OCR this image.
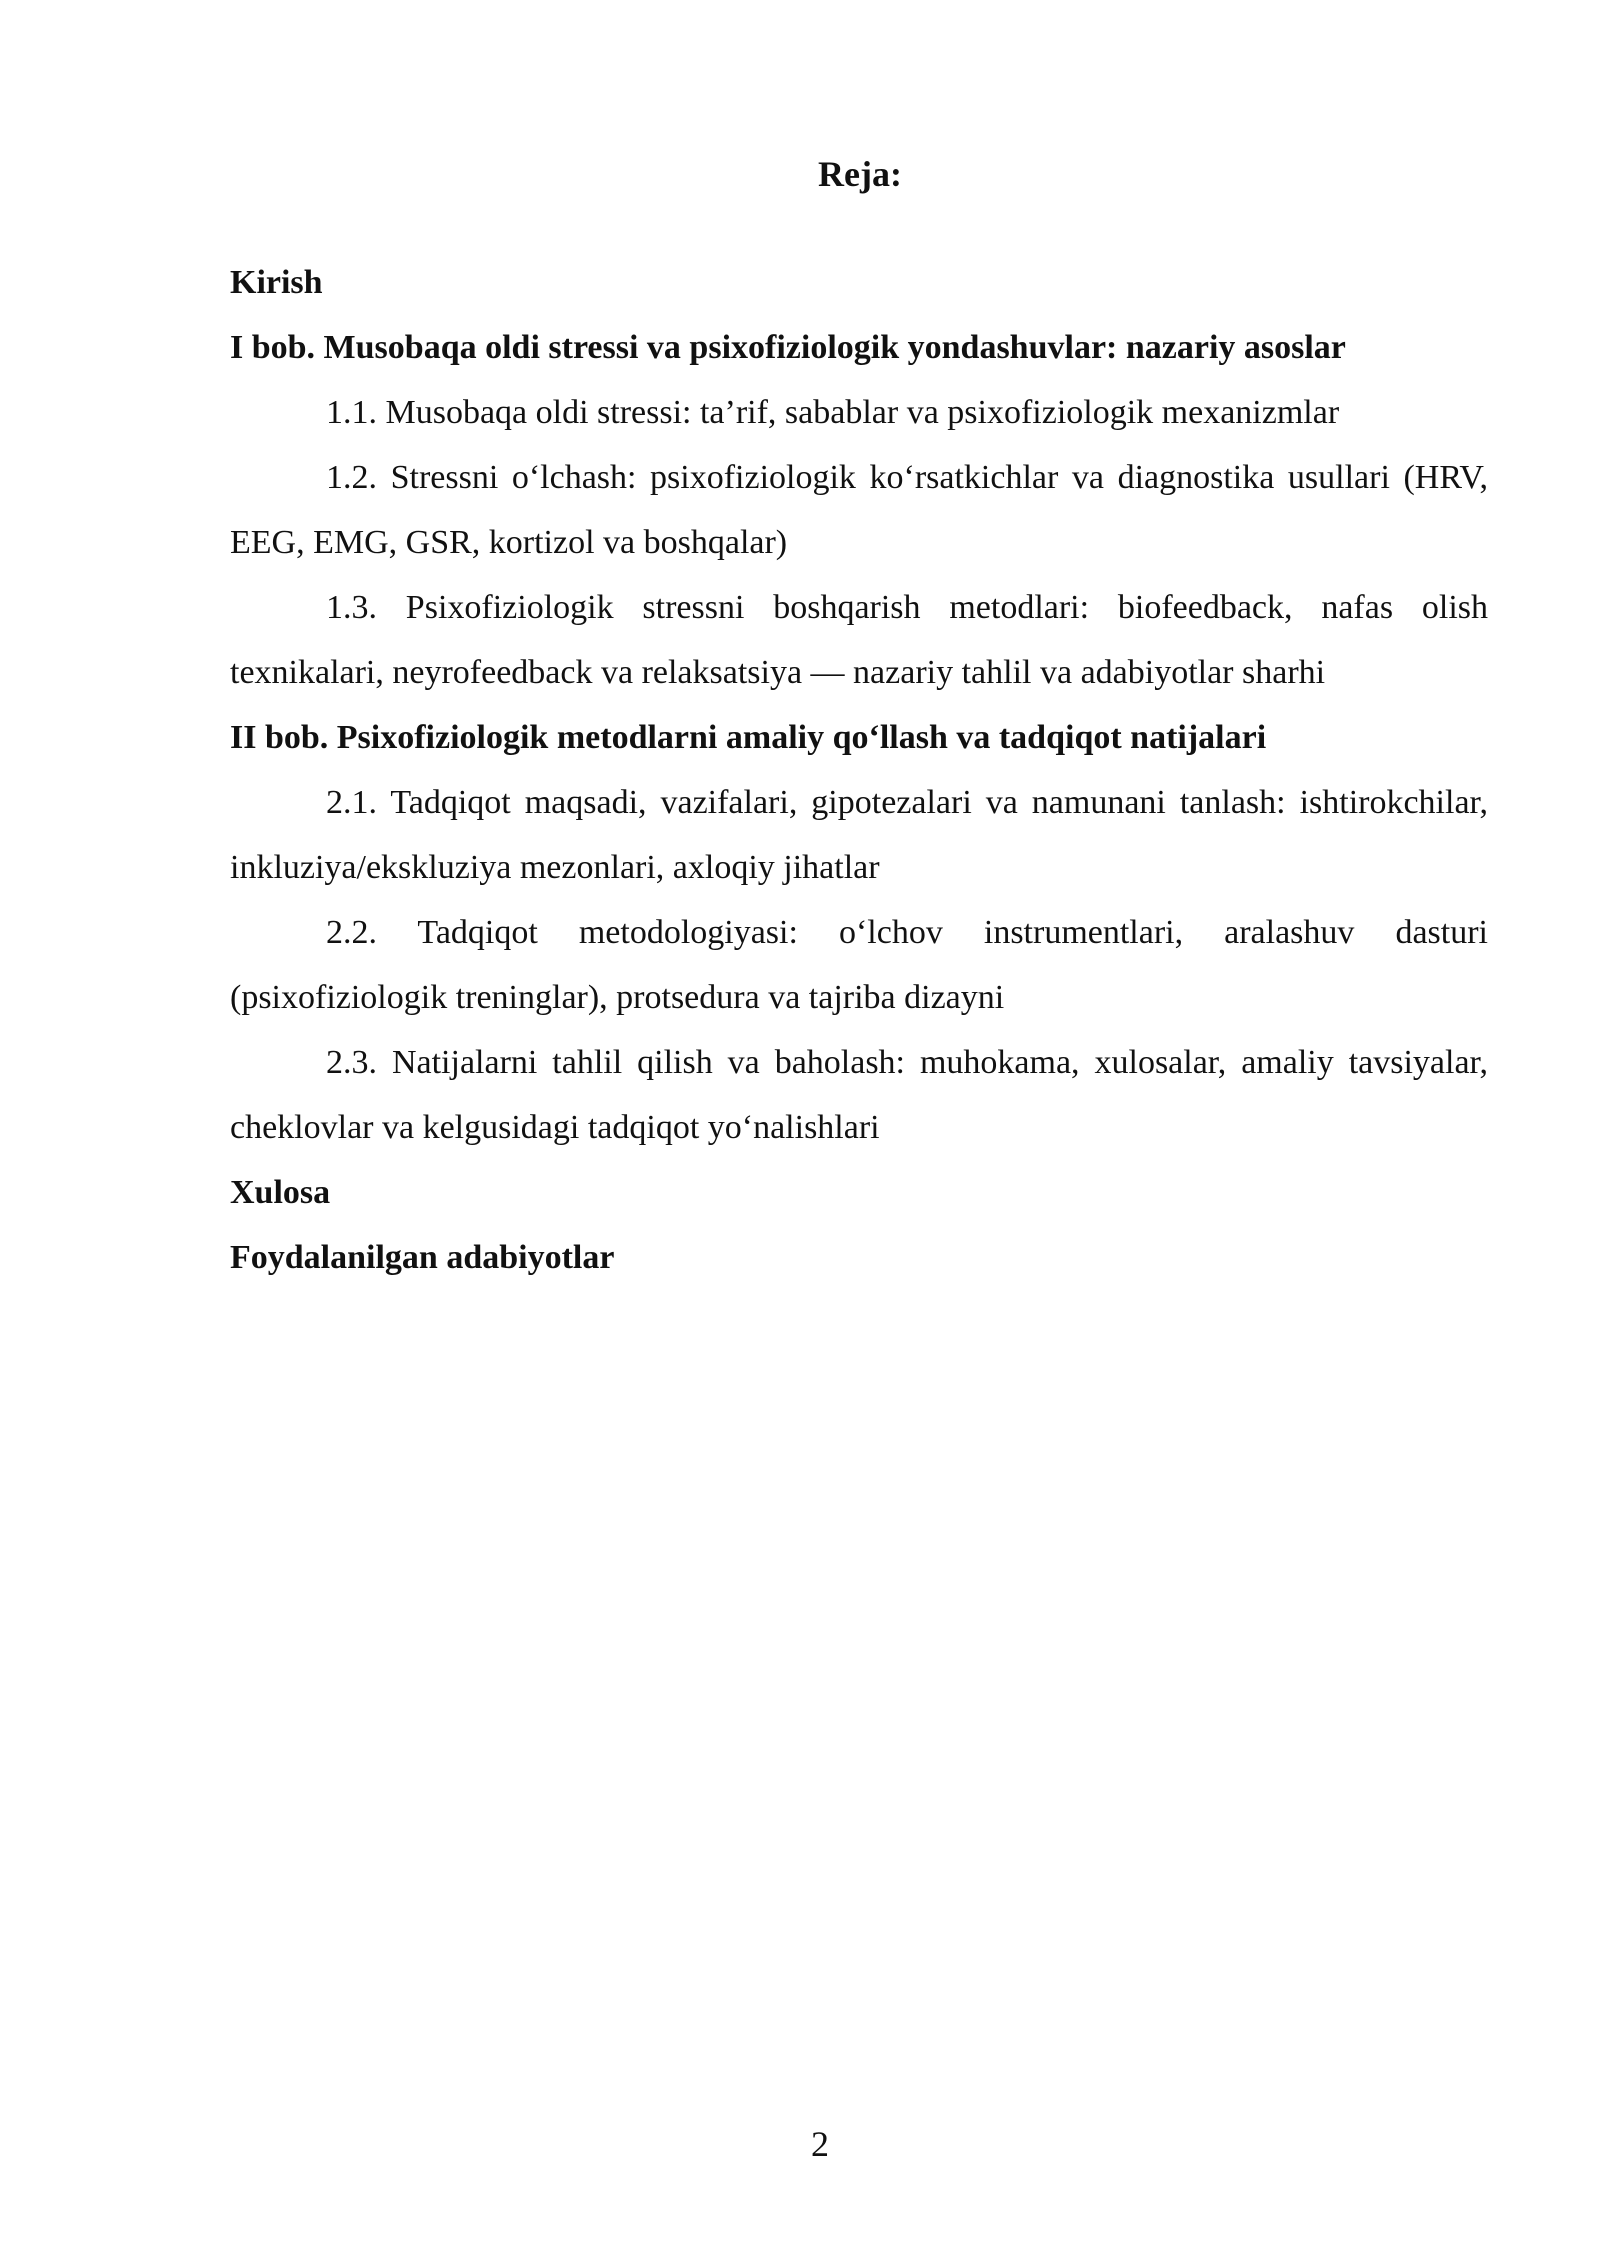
Reja:

Kirish

I bob. Musobaqa oldi stressi va psixofiziologik yondashuvlar: nazariy asoslar

1.1. Musobaqa oldi stressi: ta’rif, sabablar va psixofiziologik mexanizmlar

1.2. Stressni o‘lchash: psixofiziologik ko‘rsatkichlar va diagnostika usullari (HRV, EEG, EMG, GSR, kortizol va boshqalar)

1.3. Psixofiziologik stressni boshqarish metodlari: biofeedback, nafas olish texnikalari, neyrofeedback va relaksatsiya — nazariy tahlil va adabiyotlar sharhi

II bob. Psixofiziologik metodlarni amaliy qo‘llash va tadqiqot natijalari

2.1. Tadqiqot maqsadi, vazifalari, gipotezalari va namunani tanlash: ishtirokchilar, inkluziya/ekskluziya mezonlari, axloqiy jihatlar

2.2. Tadqiqot metodologiyasi: o‘lchov instrumentlari, aralashuv dasturi (psixofiziologik treninglar), protsedura va tajriba dizayni

2.3. Natijalarni tahlil qilish va baholash: muhokama, xulosalar, amaliy tavsiyalar, cheklovlar va kelgusidagi tadqiqot yo‘nalishlari

Xulosa

Foydalanilgan adabiyotlar

2
